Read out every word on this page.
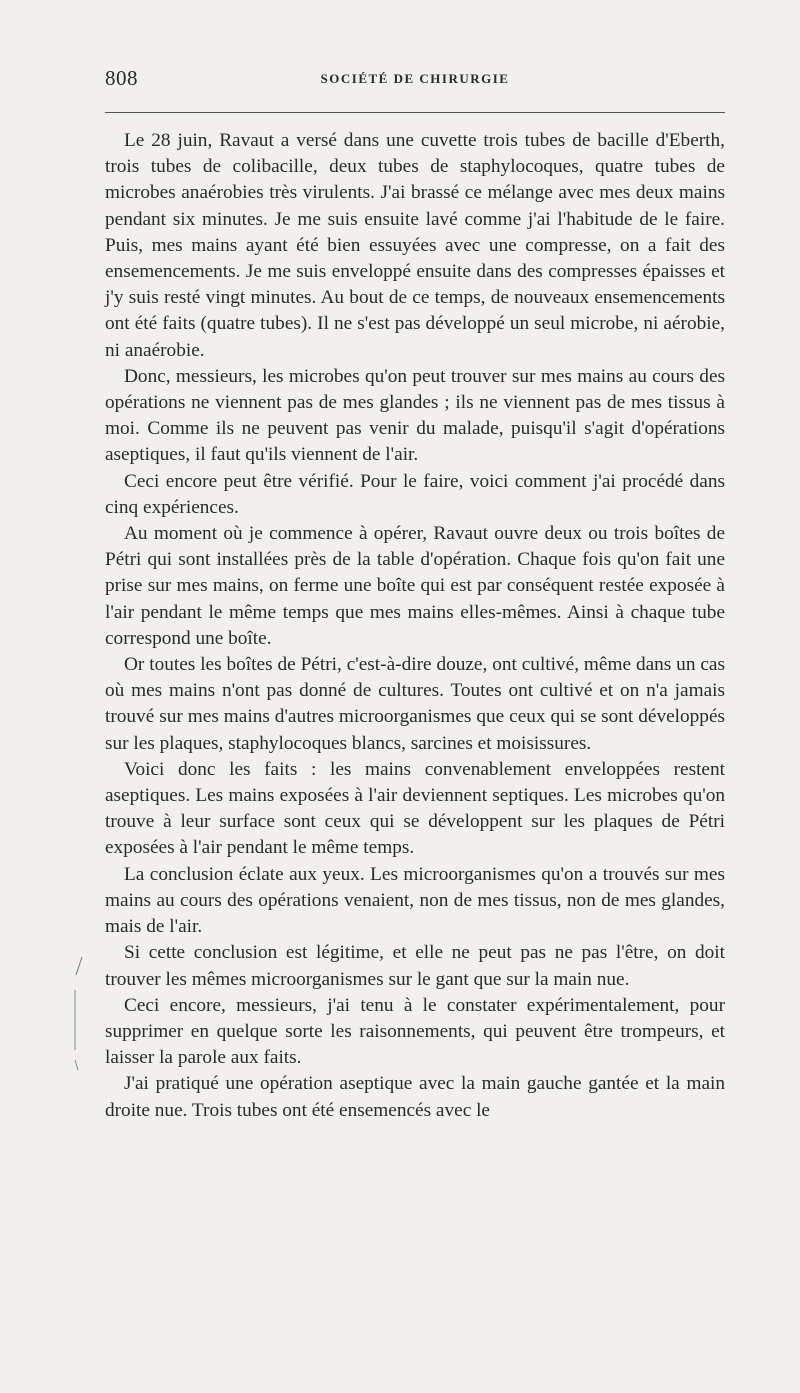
808	SOCIÉTÉ DE CHIRURGIE

Le 28 juin, Ravaut a versé dans une cuvette trois tubes de bacille d'Eberth, trois tubes de colibacille, deux tubes de staphylocoques, quatre tubes de microbes anaérobies très virulents. J'ai brassé ce mélange avec mes deux mains pendant six minutes. Je me suis ensuite lavé comme j'ai l'habitude de le faire. Puis, mes mains ayant été bien essuyées avec une compresse, on a fait des ensemencements. Je me suis enveloppé ensuite dans des compresses épaisses et j'y suis resté vingt minutes. Au bout de ce temps, de nouveaux ensemencements ont été faits (quatre tubes). Il ne s'est pas développé un seul microbe, ni aérobie, ni anaérobie.

Donc, messieurs, les microbes qu'on peut trouver sur mes mains au cours des opérations ne viennent pas de mes glandes ; ils ne viennent pas de mes tissus à moi. Comme ils ne peuvent pas venir du malade, puisqu'il s'agit d'opérations aseptiques, il faut qu'ils viennent de l'air.

Ceci encore peut être vérifié. Pour le faire, voici comment j'ai procédé dans cinq expériences.

Au moment où je commence à opérer, Ravaut ouvre deux ou trois boîtes de Pétri qui sont installées près de la table d'opération. Chaque fois qu'on fait une prise sur mes mains, on ferme une boîte qui est par conséquent restée exposée à l'air pendant le même temps que mes mains elles-mêmes. Ainsi à chaque tube correspond une boîte.

Or toutes les boîtes de Pétri, c'est-à-dire douze, ont cultivé, même dans un cas où mes mains n'ont pas donné de cultures. Toutes ont cultivé et on n'a jamais trouvé sur mes mains d'autres microorganismes que ceux qui se sont développés sur les plaques, staphylocoques blancs, sarcines et moisissures.

Voici donc les faits : les mains convenablement enveloppées restent aseptiques. Les mains exposées à l'air deviennent septiques. Les microbes qu'on trouve à leur surface sont ceux qui se développent sur les plaques de Pétri exposées à l'air pendant le même temps.

La conclusion éclate aux yeux. Les microorganismes qu'on a trouvés sur mes mains au cours des opérations venaient, non de mes tissus, non de mes glandes, mais de l'air.

Si cette conclusion est légitime, et elle ne peut pas ne pas l'être, on doit trouver les mêmes microorganismes sur le gant que sur la main nue.

Ceci encore, messieurs, j'ai tenu à le constater expérimentalement, pour supprimer en quelque sorte les raisonnements, qui peuvent être trompeurs, et laisser la parole aux faits.

J'ai pratiqué une opération aseptique avec la main gauche gantée et la main droite nue. Trois tubes ont été ensemencés avec le
